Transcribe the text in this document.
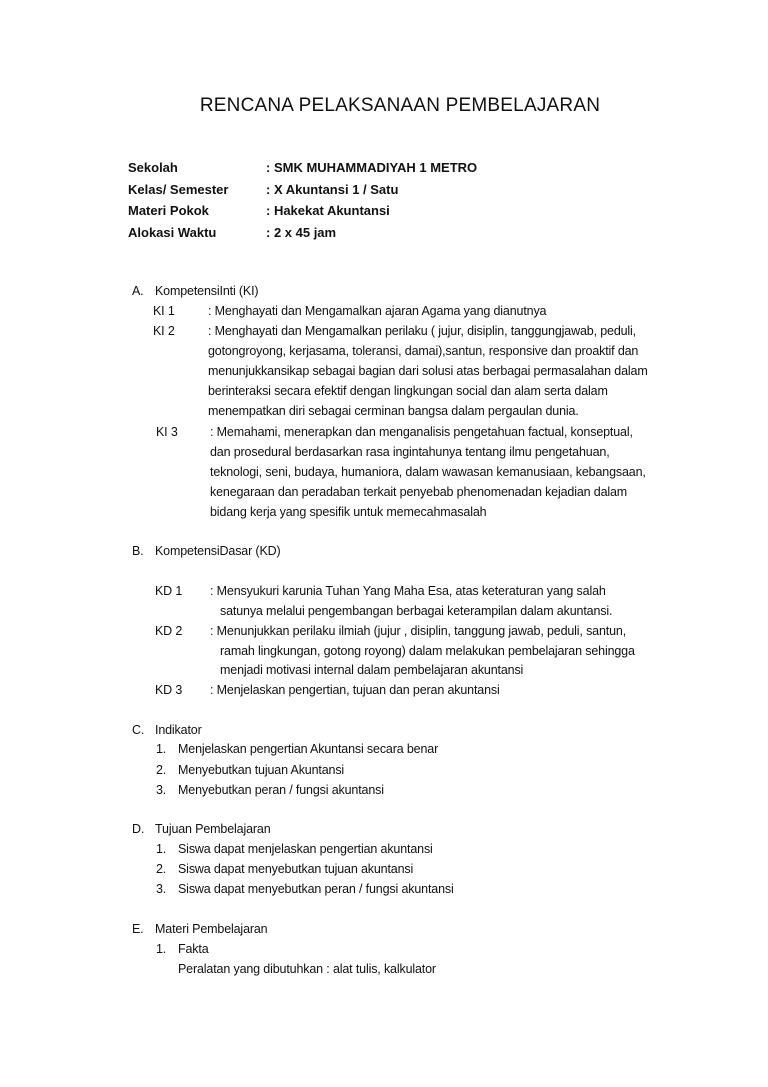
RENCANA PELAKSANAAN PEMBELAJARAN
Sekolah	: SMK MUHAMMADIYAH 1 METRO
Kelas/ Semester	: X Akuntansi 1 / Satu
Materi Pokok	: Hakekat Akuntansi
Alokasi Waktu	: 2 x 45 jam
A. KompetensiInti (KI)
KI 1	: Menghayati dan Mengamalkan ajaran Agama yang dianutnya
KI 2	: Menghayati dan Mengamalkan perilaku ( jujur, disiplin, tanggungjawab, peduli,
gotongroyong, kerjasama, toleransi, damai),santun, responsive dan proaktif dan
menunjukkansikap sebagai bagian dari solusi atas berbagai permasalahan dalam
berinteraksi secara efektif dengan lingkungan social dan alam serta dalam
menempatkan diri sebagai cerminan bangsa dalam pergaulan dunia.
KI 3	: Memahami, menerapkan dan menganalisis pengetahuan factual, konseptual,
dan prosedural berdasarkan rasa ingintahunya tentang ilmu pengetahuan,
teknologi, seni, budaya, humaniora, dalam wawasan kemanusiaan, kebangsaan,
kenegaraan dan peradaban terkait penyebab phenomenadan kejadian dalam
bidang kerja yang spesifik untuk memecahmasalah
B. KompetensiDasar (KD)
KD 1 : Mensyukuri karunia Tuhan Yang Maha Esa, atas keteraturan yang salah
satunya melalui pengembangan berbagai keterampilan dalam akuntansi.
KD 2 : Menunjukkan perilaku ilmiah (jujur , disiplin, tanggung jawab, peduli, santun,
ramah lingkungan, gotong royong) dalam melakukan pembelajaran sehingga
menjadi motivasi internal dalam pembelajaran akuntansi
KD 3 : Menjelaskan pengertian, tujuan dan peran akuntansi
C. Indikator
1. Menjelaskan pengertian Akuntansi secara benar
2. Menyebutkan tujuan Akuntansi
3. Menyebutkan peran / fungsi akuntansi
D. Tujuan Pembelajaran
1. Siswa dapat menjelaskan pengertian akuntansi
2. Siswa dapat menyebutkan tujuan akuntansi
3. Siswa dapat menyebutkan peran / fungsi akuntansi
E. Materi Pembelajaran
1. Fakta
Peralatan yang dibutuhkan : alat tulis, kalkulator
